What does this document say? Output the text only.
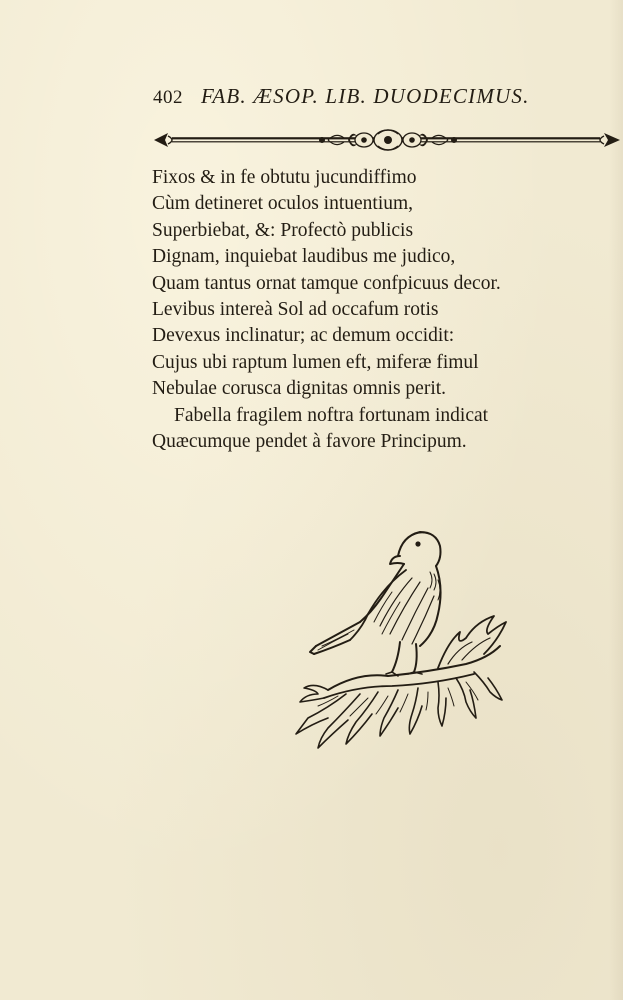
402 FAB. ÆSOP. LIB. DUODECIMUS.
Fixos & in fe obtutu jucundiffimo
Cùm detineret oculos intuentium,
Superbiebat, &: Profectò publicis
Dignam, inquiebat laudibus me judico,
Quam tantus ornat tamque confpicuus decor.
Levibus intereà Sol ad occafum rotis
Devexus inclinatur; ac demum occidit:
Cujus ubi raptum lumen eft, miferæ fimul
Nebulae corusca dignitas omnis perit.
Fabella fragilem noftra fortunam indicat
Quæcumque pendet à favore Principum.
